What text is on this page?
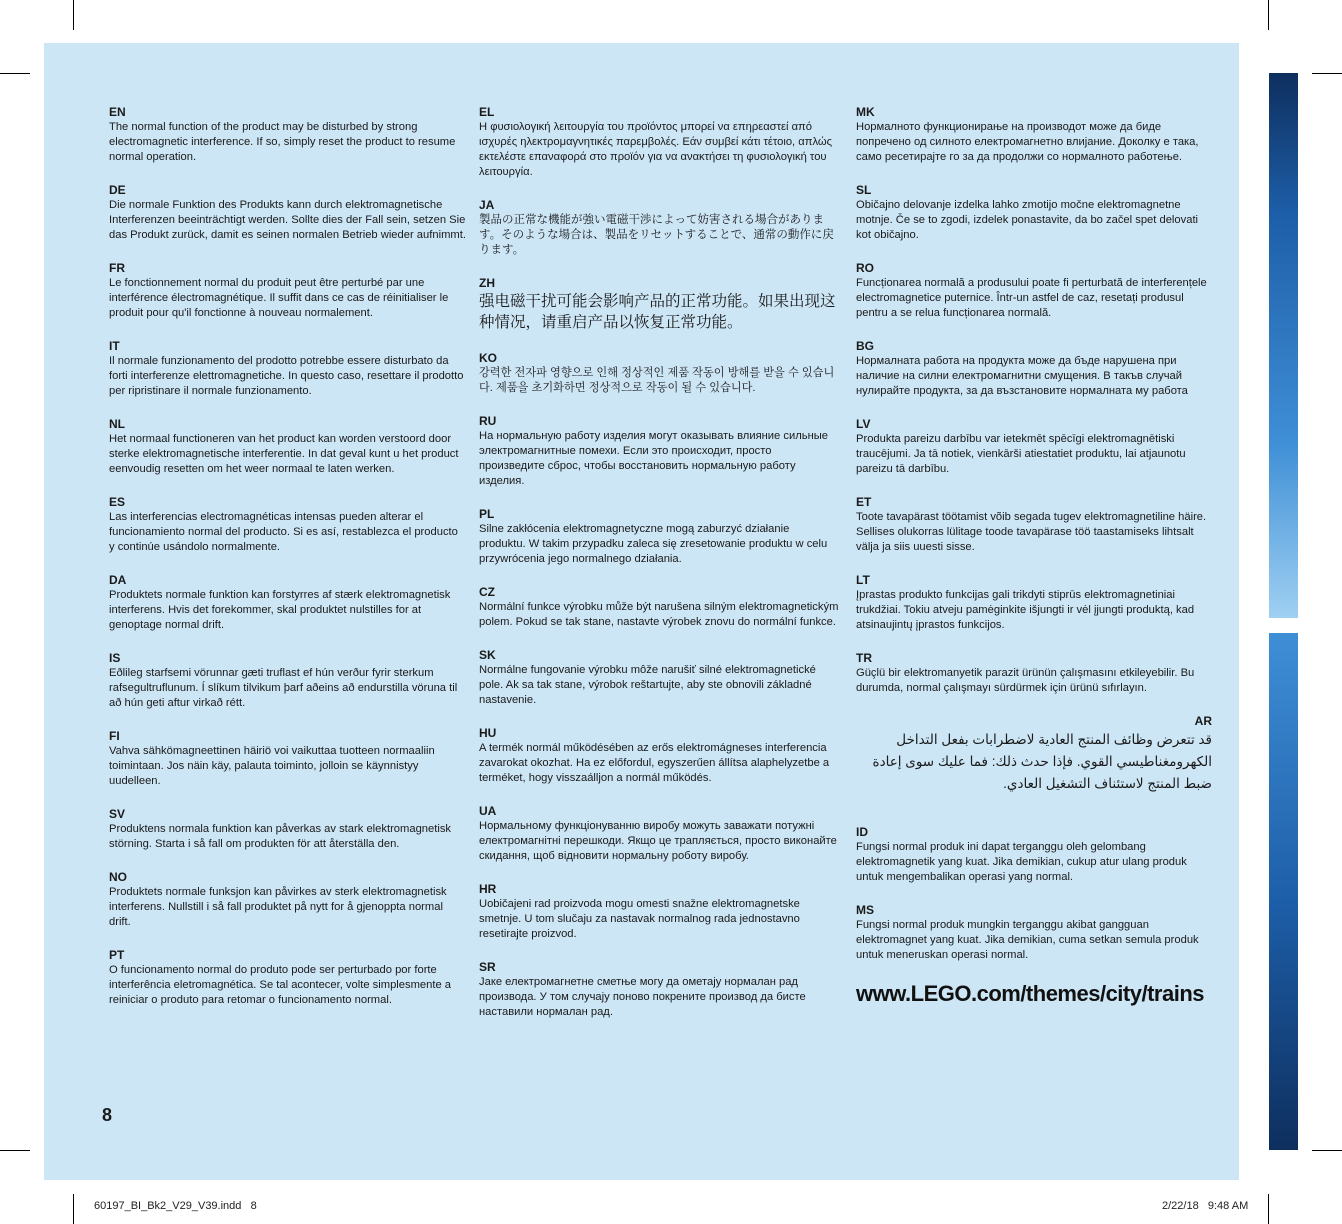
EN
The normal function of the product may be disturbed by strong electromagnetic interference. If so, simply reset the product to resume normal operation.
DE
Die normale Funktion des Produkts kann durch elektromagnetische Interferenzen beeinträchtigt werden. Sollte dies der Fall sein, setzen Sie das Produkt zurück, damit es seinen normalen Betrieb wieder aufnimmt.
FR
Le fonctionnement normal du produit peut être perturbé par une interférence électromagnétique. Il suffit dans ce cas de réinitialiser le produit pour qu'il fonctionne à nouveau normalement.
IT
Il normale funzionamento del prodotto potrebbe essere disturbato da forti interferenze elettromagnetiche. In questo caso, resettare il prodotto per ripristinare il normale funzionamento.
NL
Het normaal functioneren van het product kan worden verstoord door sterke elektromagnetische interferentie. In dat geval kunt u het product eenvoudig resetten om het weer normaal te laten werken.
ES
Las interferencias electromagnéticas intensas pueden alterar el funcionamiento normal del producto. Si es así, restablezca el producto y continúe usándolo normalmente.
DA
Produktets normale funktion kan forstyrres af stærk elektromagnetisk interferens. Hvis det forekommer, skal produktet nulstilles for at genoptage normal drift.
IS
Eðlileg starfsemi vörunnar gæti truflast ef hún verður fyrir sterkum rafsegultruflunum. Í slíkum tilvikum þarf aðeins að endurstilla vöruna til að hún geti aftur virkað rétt.
FI
Vahva sähkömagneettinen häiriö voi vaikuttaa tuotteen normaaliin toimintaan. Jos näin käy, palauta toiminto, jolloin se käynnistyy uudelleen.
SV
Produktens normala funktion kan påverkas av stark elektromagnetisk störning. Starta i så fall om produkten för att återställa den.
NO
Produktets normale funksjon kan påvirkes av sterk elektromagnetisk interferens. Nullstill i så fall produktet på nytt for å gjenoppta normal drift.
PT
O funcionamento normal do produto pode ser perturbado por forte interferência eletromagnética. Se tal acontecer, volte simplesmente a reiniciar o produto para retomar o funcionamento normal.
EL
Η φυσιολογική λειτουργία του προϊόντος μπορεί να επηρεαστεί από ισχυρές ηλεκτρομαγνητικές παρεμβολές. Εάν συμβεί κάτι τέτοιο, απλώς εκτελέστε επαναφορά στο προϊόν για να ανακτήσει τη φυσιολογική του λειτουργία.
JA
製品の正常な機能が強い電磁干渉によって妨害される場合があります。そのような場合は、製品をリセットすることで、通常の動作に戻ります。
ZH
强电磁干扰可能会影响产品的正常功能。如果出现这种情况，请重启产品以恢复正常功能。
KO
강력한 전자파 영향으로 인해 정상적인 제품 작동이 방해를 받을 수 있습니다. 제품을 초기화하면 정상적으로 작동이 될 수 있습니다.
RU
На нормальную работу изделия могут оказывать влияние сильные электромагнитные помехи. Если это происходит, просто произведите сброс, чтобы восстановить нормальную работу изделия.
PL
Silne zakłócenia elektromagnetyczne mogą zaburzyć działanie produktu. W takim przypadku zaleca się zresetowanie produktu w celu przywrócenia jego normalnego działania.
CZ
Normální funkce výrobku může být narušena silným elektromagnetickým polem. Pokud se tak stane, nastavte výrobek znovu do normální funkce.
SK
Normálne fungovanie výrobku môže narušiť silné elektromagnetické pole. Ak sa tak stane, výrobok reštartujte, aby ste obnovili základné nastavenie.
HU
A termék normál működésében az erős elektromágneses interferencia zavarokat okozhat. Ha ez előfordul, egyszerűen állítsa alaphelyzetbe a terméket, hogy visszaálljon a normál működés.
UA
Нормальному функціонуванню виробу можуть заважати потужні електромагнітні перешкоди. Якщо це трапляється, просто виконайте скидання, щоб відновити нормальну роботу виробу.
HR
Uobičajeni rad proizvoda mogu omesti snažne elektromagnetske smetnje. U tom slučaju za nastavak normalnog rada jednostavno resetirajte proizvod.
SR
Јаке електромагнетне сметње могу да ометају нормалан рад производа. У том случају поново покрените производ да бисте наставили нормалан рад.
MK
Нормалното функционирање на производот може да биде попречено од силното електромагнетно влијание. Доколку е така, само ресетирајте го за да продолжи со нормалното работење.
SL
Običajno delovanje izdelka lahko zmotijo močne elektromagnetne motnje. Če se to zgodi, izdelek ponastavite, da bo začel spet delovati kot običajno.
RO
Funcționarea normală a produsului poate fi perturbată de interferențele electromagnetice puternice. Într-un astfel de caz, resetați produsul pentru a se relua funcționarea normală.
BG
Нормалната работа на продукта може да бъде нарушена при наличие на силни електромагнитни смущения. В такъв случай нулирайте продукта, за да възстановите нормалната му работа
LV
Produkta pareizu darbību var ietekmēt spēcīgi elektromagnētiski traucējumi. Ja tā notiek, vienkārši atiestatiet produktu, lai atjaunotu pareizu tā darbību.
ET
Toote tavapärast töötamist võib segada tugev elektromagnetiline häire. Sellises olukorras lülitage toode tavapärase töö taastamiseks lihtsalt välja ja siis uuesti sisse.
LT
Įprastas produkto funkcijas gali trikdyti stiprūs elektromagnetiniai trukdžiai. Tokiu atveju pamėginkite išjungti ir vėl įjungti produktą, kad atsinaujintų įprastos funkcijos.
TR
Güçlü bir elektromanyetik parazit ürünün çalışmasını etkileyebilir. Bu durumda, normal çalışmayı sürdürmek için ürünü sıfırlayın.
AR
قد تتعرض وظائف المنتج العادية لاضطرابات بفعل التداخل الكهرومغناطيسي القوي. فإذا حدث ذلك: فما عليك سوى إعادة ضبط المنتج لاستئناف التشغيل العادي.
ID
Fungsi normal produk ini dapat terganggu oleh gelombang elektromagnetik yang kuat. Jika demikian, cukup atur ulang produk untuk mengembalikan operasi yang normal.
MS
Fungsi normal produk mungkin terganggu akibat gangguan elektromagnet yang kuat. Jika demikian, cuma setkan semula produk untuk meneruskan operasi normal.
www.LEGO.com/themes/city/trains
8
60197_BI_Bk2_V29_V39.indd   8	2/22/18   9:48 AM
